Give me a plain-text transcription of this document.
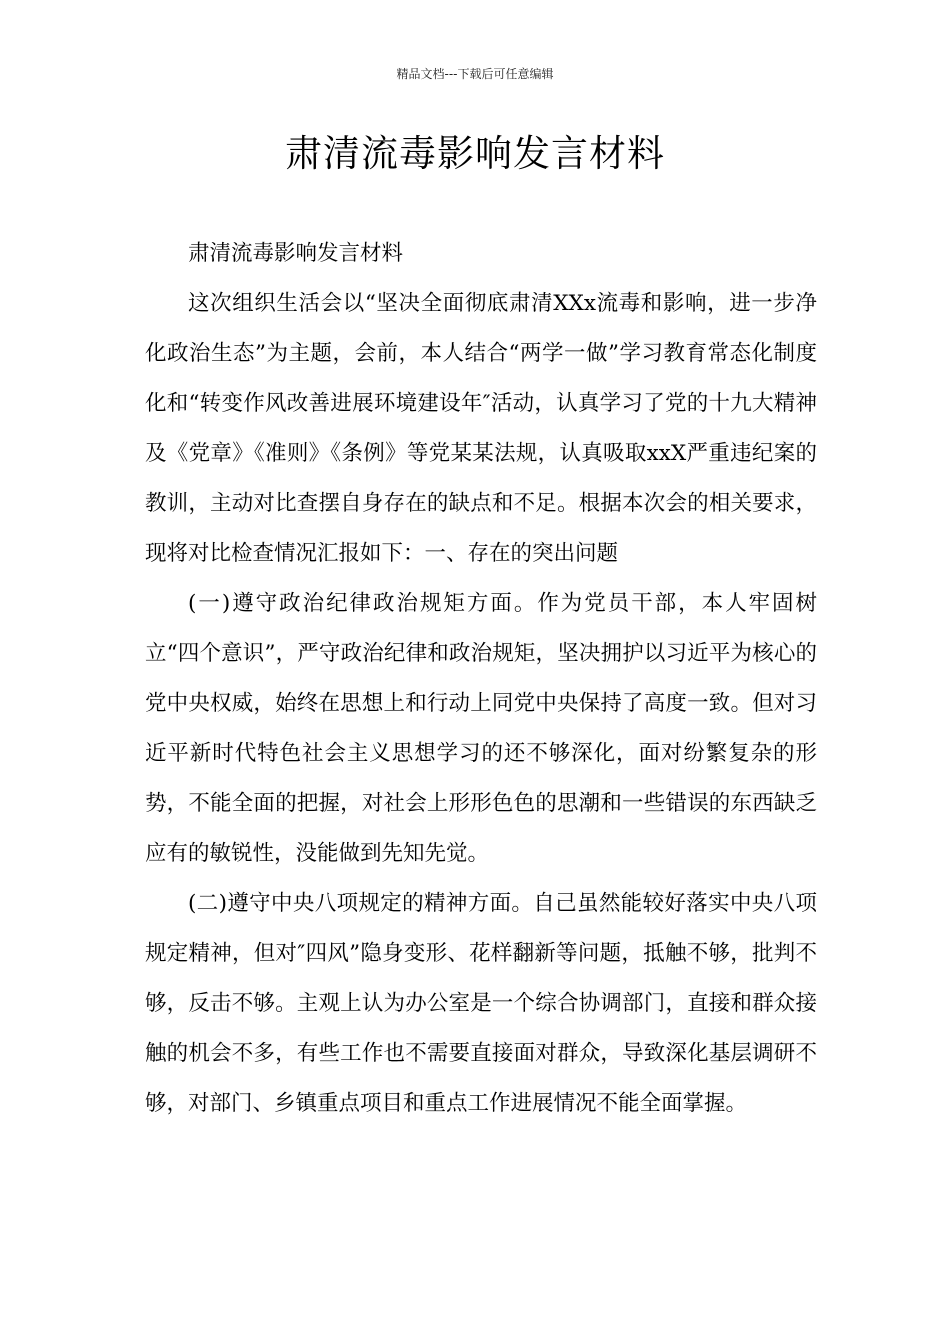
精品文档---下载后可任意编辑
肃清流毒影响发言材料

肃清流毒影响发言材料

这次组织生活会以“坚决全面彻底肃清XXx流毒和影响，进一步净化政治生态”为主题，会前，本人结合“两学一做”学习教育常态化制度化和“转变作风改善进展环境建设年″活动，认真学习了党的十九大精神及《党章》《准则》《条例》等党某某法规，认真吸取xxX严重违纪案的教训，主动对比查摆自身存在的缺点和不足。根据本次会的相关要求，现将对比检查情况汇报如下：一、存在的突出问题

(一)遵守政治纪律政治规矩方面。作为党员干部，本人牢固树立“四个意识”，严守政治纪律和政治规矩，坚决拥护以习近平为核心的党中央权威，始终在思想上和行动上同党中央保持了高度一致。但对习近平新时代特色社会主义思想学习的还不够深化，面对纷繁复杂的形势，不能全面的把握，对社会上形形色色的思潮和一些错误的东西缺乏应有的敏锐性，没能做到先知先觉。

(二)遵守中央八项规定的精神方面。自己虽然能较好落实中央八项规定精神，但对″四风”隐身变形、花样翻新等问题，抵触不够，批判不够，反击不够。主观上认为办公室是一个综合协调部门，直接和群众接触的机会不多，有些工作也不需要直接面对群众，导致深化基层调研不够，对部门、乡镇重点项目和重点工作进展情况不能全面掌握。
